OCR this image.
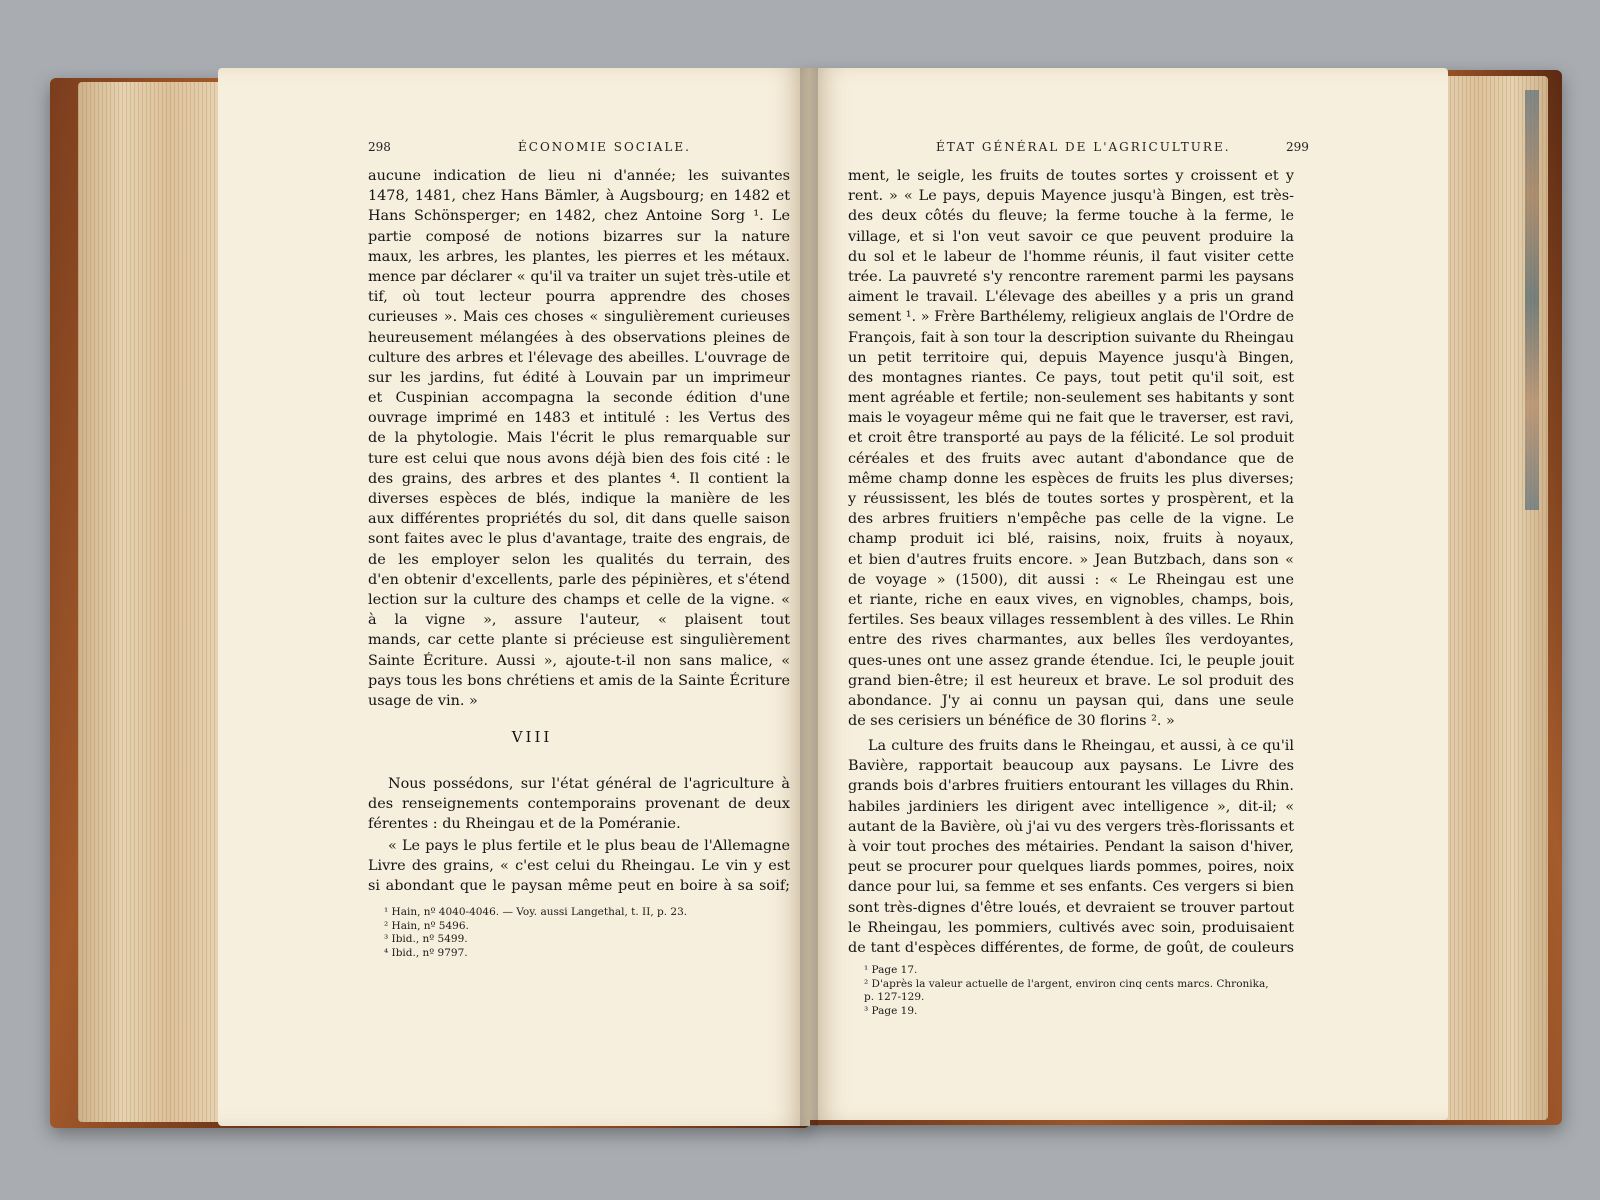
298	ÉCONOMIE SOCIALE.
aucune indication de lieu ni d'année; les suivantes
1478, 1481, chez Hans Bämler, à Augsbourg; en 1482 et
Hans Schönsperger; en 1482, chez Antoine Sorg ¹. Le
partie composé de notions bizarres sur la nature
maux, les arbres, les plantes, les pierres et les métaux.
mence par déclarer « qu'il va traiter un sujet très-utile et
tif, où tout lecteur pourra apprendre des choses
curieuses ». Mais ces choses « singulièrement curieuses
heureusement mélangées à des observations pleines de
culture des arbres et l'élevage des abeilles. L'ouvrage de
sur les jardins, fut édité à Louvain par un imprimeur
et Cuspinian accompagna la seconde édition d'une
ouvrage imprimé en 1483 et intitulé : les Vertus des
de la phytologie. Mais l'écrit le plus remarquable sur
ture est celui que nous avons déjà bien des fois cité : le
des grains, des arbres et des plantes ⁴. Il contient la
diverses espèces de blés, indique la manière de les
aux différentes propriétés du sol, dit dans quelle saison
sont faites avec le plus d'avantage, traite des engrais, de
de les employer selon les qualités du terrain, des
d'en obtenir d'excellents, parle des pépinières, et s'étend
lection sur la culture des champs et celle de la vigne. «
à la vigne », assure l'auteur, « plaisent tout
mands, car cette plante si précieuse est singulièrement
Sainte Écriture. Aussi », ajoute-t-il non sans malice, «
pays tous les bons chrétiens et amis de la Sainte Écriture
usage de vin. »
VIII
Nous possédons, sur l'état général de l'agriculture à
des renseignements contemporains provenant de deux
férentes : du Rheingau et de la Poméranie.
« Le pays le plus fertile et le plus beau de l'Allemagne
Livre des grains, « c'est celui du Rheingau. Le vin y est
si abondant que le paysan même peut en boire à sa soif;
¹ Hain, nº 4040-4046. — Voy. aussi Langethal, t. II, p. 23.
² Hain, nº 5496.
³ Ibid., nº 5499.
⁴ Ibid., nº 9797.
ÉTAT GÉNÉRAL DE L'AGRICULTURE.	299
ment, le seigle, les fruits de toutes sortes y croissent et y
rent. » « Le pays, depuis Mayence jusqu'à Bingen, est très-
des deux côtés du fleuve; la ferme touche à la ferme, le
village, et si l'on veut savoir ce que peuvent produire la
du sol et le labeur de l'homme réunis, il faut visiter cette
trée. La pauvreté s'y rencontre rarement parmi les paysans
aiment le travail. L'élevage des abeilles y a pris un grand
sement ¹. » Frère Barthélemy, religieux anglais de l'Ordre de
François, fait à son tour la description suivante du Rheingau
un petit territoire qui, depuis Mayence jusqu'à Bingen,
des montagnes riantes. Ce pays, tout petit qu'il soit, est
ment agréable et fertile; non-seulement ses habitants y sont
mais le voyageur même qui ne fait que le traverser, est ravi,
et croit être transporté au pays de la félicité. Le sol produit
céréales et des fruits avec autant d'abondance que de
même champ donne les espèces de fruits les plus diverses;
y réussissent, les blés de toutes sortes y prospèrent, et la
des arbres fruitiers n'empêche pas celle de la vigne. Le
champ produit ici blé, raisins, noix, fruits à noyaux,
et bien d'autres fruits encore. » Jean Butzbach, dans son «
de voyage » (1500), dit aussi : « Le Rheingau est une
et riante, riche en eaux vives, en vignobles, champs, bois,
fertiles. Ses beaux villages ressemblent à des villes. Le Rhin
entre des rives charmantes, aux belles îles verdoyantes,
ques-unes ont une assez grande étendue. Ici, le peuple jouit
grand bien-être; il est heureux et brave. Le sol produit des
abondance. J'y ai connu un paysan qui, dans une seule
de ses cerisiers un bénéfice de 30 florins ². »
La culture des fruits dans le Rheingau, et aussi, à ce qu'il
Bavière, rapportait beaucoup aux paysans. Le Livre des
grands bois d'arbres fruitiers entourant les villages du Rhin.
habiles jardiniers les dirigent avec intelligence », dit-il; «
autant de la Bavière, où j'ai vu des vergers très-florissants et
à voir tout proches des métairies. Pendant la saison d'hiver,
peut se procurer pour quelques liards pommes, poires, noix
dance pour lui, sa femme et ses enfants. Ces vergers si bien
sont très-dignes d'être loués, et devraient se trouver partout
le Rheingau, les pommiers, cultivés avec soin, produisaient
de tant d'espèces différentes, de forme, de goût, de couleurs
¹ Page 17.
² D'après la valeur actuelle de l'argent, environ cinq cents marcs. Chronika,
p. 127-129.
³ Page 19.
